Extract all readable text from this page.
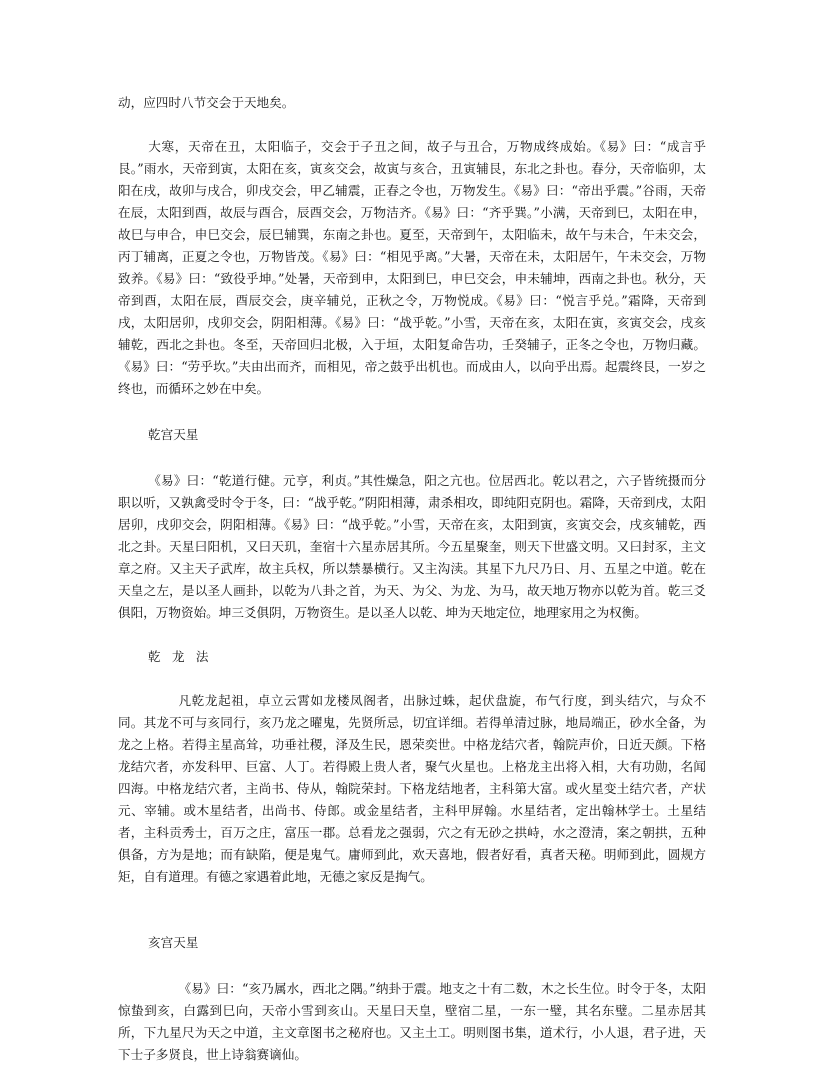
动，应四时八节交会于天地矣。

大寒，天帝在丑，太阳临子，交会于子丑之间，故子与丑合，万物成终成始。《易》曰：“成言乎艮。”雨水，天帝到寅，太阳在亥，寅亥交会，故寅与亥合，丑寅辅艮，东北之卦也。春分，天帝临卯，太阳在戌，故卯与戌合，卯戌交会，甲乙辅震，正春之令也，万物发生。《易》曰：“帝出乎震。”谷雨，天帝在辰，太阳到酉，故辰与酉合，辰酉交会，万物洁齐。《易》曰：“齐乎巽。”小满，天帝到巳，太阳在申，故巳与申合，申巳交会，辰巳辅巽，东南之卦也。夏至，天帝到午，太阳临未，故午与未合，午未交会，丙丁辅离，正夏之令也，万物皆茂。《易》曰：“相见乎离。”大暑，天帝在未，太阳居午，午未交会，万物致养。《易》曰：“致役乎坤。”处暑，天帝到申，太阳到巳，申巳交会，申未辅坤，西南之卦也。秋分，天帝到酉，太阳在辰，酉辰交会，庚辛辅兑，正秋之令，万物悦成。《易》曰：“悦言乎兑。”霜降，天帝到戌，太阳居卯，戌卯交会，阴阳相薄。《易》曰：“战乎乾。”小雪，天帝在亥，太阳在寅，亥寅交会，戌亥辅乾，西北之卦也。冬至，天帝回归北极，入于垣，太阳复命告功，壬癸辅子，正冬之令也，万物归藏。《易》曰：“劳乎坎。”夫由出而齐，而相见，帝之鼓乎出机也。而成由人，以向乎出焉。起震终艮，一岁之终也，而循环之妙在中矣。

乾宫天星

《易》曰：“乾道行健。元亨，利贞。”其性燥急，阳之亢也。位居西北。乾以君之，六子皆统摄而分职以听，又孰禽受时令于冬，曰：“战乎乾。”阴阳相薄，肃杀相攻，即纯阳克阴也。霜降，天帝到戌，太阳居卯，戌卯交会，阴阳相薄。《易》曰：“战乎乾。”小雪，天帝在亥，太阳到寅，亥寅交会，戌亥辅乾，西北之卦。天星曰阳机，又曰天玑，奎宿十六星赤居其所。今五星聚奎，则天下世盛文明。又曰封豕，主文章之府。又主天子武库，故主兵权，所以禁暴横行。又主沟渎。其星下九尺乃日、月、五星之中道。乾在天皇之左，是以圣人画卦，以乾为八卦之首，为天、为父、为龙、为马，故天地万物亦以乾为首。乾三爻俱阳，万物资始。坤三爻俱阴，万物资生。是以圣人以乾、坤为天地定位，地理家用之为权衡。

乾龙法

凡乾龙起祖，卓立云霄如龙楼凤阁者，出脉过蛛，起伏盘旋，布气行度，到头结穴，与众不同。其龙不可与亥同行，亥乃龙之曜鬼，先贤所忌，切宜详细。若得单清过脉，地局端正，砂水全备，为龙之上格。若得主星高耸，功垂社稷，泽及生民，恩荣奕世。中格龙结穴者，翰院声价，日近天颜。下格龙结穴者，亦发科甲、巨富、人丁。若得殿上贵人者，聚气火星也。上格龙主出将入相，大有功勋，名闻四海。中格龙结穴者，主尚书、侍从，翰院荣封。下格龙结地者，主科第大富。或火星变土结穴者，产状元、宰辅。或木星结者，出尚书、侍郎。或金星结者，主科甲屏翰。水星结者，定出翰林学士。土星结者，主科贡秀士，百万之庄，富压一郡。总看龙之强弱，穴之有无砂之拱峙，水之澄清，案之朝拱，五种俱备，方为是地；而有缺陷，便是鬼气。庸师到此，欢天喜地，假者好看，真者天秘。明师到此，圆规方矩，自有道理。有德之家遇着此地，无德之家反是掏气。

亥宫天星

《易》曰：“亥乃属水，西北之隅。”纳卦于震。地支之十有二数，木之长生位。时令于冬，太阳惊蛰到亥，白露到巳向，天帝小雪到亥山。天星曰天皇，壁宿二星，一东一璧，其名东璧。二星赤居其所，下九星尺为天之中道，主文章图书之秘府也。又主土工。明则图书集，道术行，小人退，君子进，天下士子多贤良，世上诗翁赛谪仙。
